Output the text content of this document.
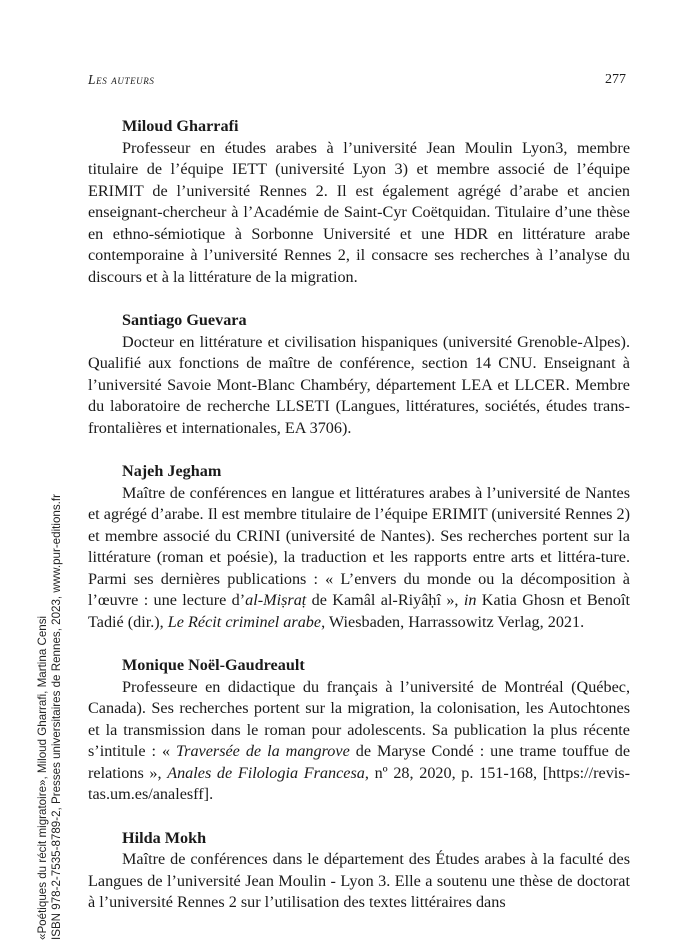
Les auteurs	277
«Poétiques du récit migratoire», Miloud Gharrafi, Martina Censi ISBN 978-2-7535-8789-2, Presses universitaires de Rennes, 2023, www.pur-editions.fr
Miloud Gharrafi

Professeur en études arabes à l’université Jean Moulin Lyon3, membre titulaire de l’équipe IETT (université Lyon 3) et membre associé de l’équipe ERIMIT de l’université Rennes 2. Il est également agrégé d’arabe et ancien enseignant-chercheur à l’Académie de Saint-Cyr Coëtquidan. Titulaire d’une thèse en ethno-sémiotique à Sorbonne Université et une HDR en littérature arabe contemporaine à l’université Rennes 2, il consacre ses recherches à l’analyse du discours et à la littérature de la migration.

Santiago Guevara

Docteur en littérature et civilisation hispaniques (université Grenoble-Alpes). Qualifié aux fonctions de maître de conférence, section 14 CNU. Enseignant à l’université Savoie Mont-Blanc Chambéry, département LEA et LLCER. Membre du laboratoire de recherche LLSETI (Langues, littératures, sociétés, études trans-frontalières et internationales, EA 3706).

Najeh Jegham

Maître de conférences en langue et littératures arabes à l’université de Nantes et agrégé d’arabe. Il est membre titulaire de l’équipe ERIMIT (université Rennes 2) et membre associé du CRINI (université de Nantes). Ses recherches portent sur la littérature (roman et poésie), la traduction et les rapports entre arts et littéra-ture. Parmi ses dernières publications : « L’envers du monde ou la décomposition à l’œuvre : une lecture d’al-Miṣraṭ de Kamâl al-Riyâḥî », in Katia Ghosn et Benoît Tadié (dir.), Le Récit criminel arabe, Wiesbaden, Harrassowitz Verlag, 2021.

Monique Noël-Gaudreault

Professeure en didactique du français à l’université de Montréal (Québec, Canada). Ses recherches portent sur la migration, la colonisation, les Autochtones et la transmission dans le roman pour adolescents. Sa publication la plus récente s’intitule : « Traversée de la mangrove de Maryse Condé : une trame touffue de relations », Anales de Filologia Francesa, nº 28, 2020, p. 151-168, [https://revis-tas.um.es/analesff].

Hilda Mokh

Maître de conférences dans le département des Études arabes à la faculté des Langues de l’université Jean Moulin - Lyon 3. Elle a soutenu une thèse de doctorat à l’université Rennes 2 sur l’utilisation des textes littéraires dans
